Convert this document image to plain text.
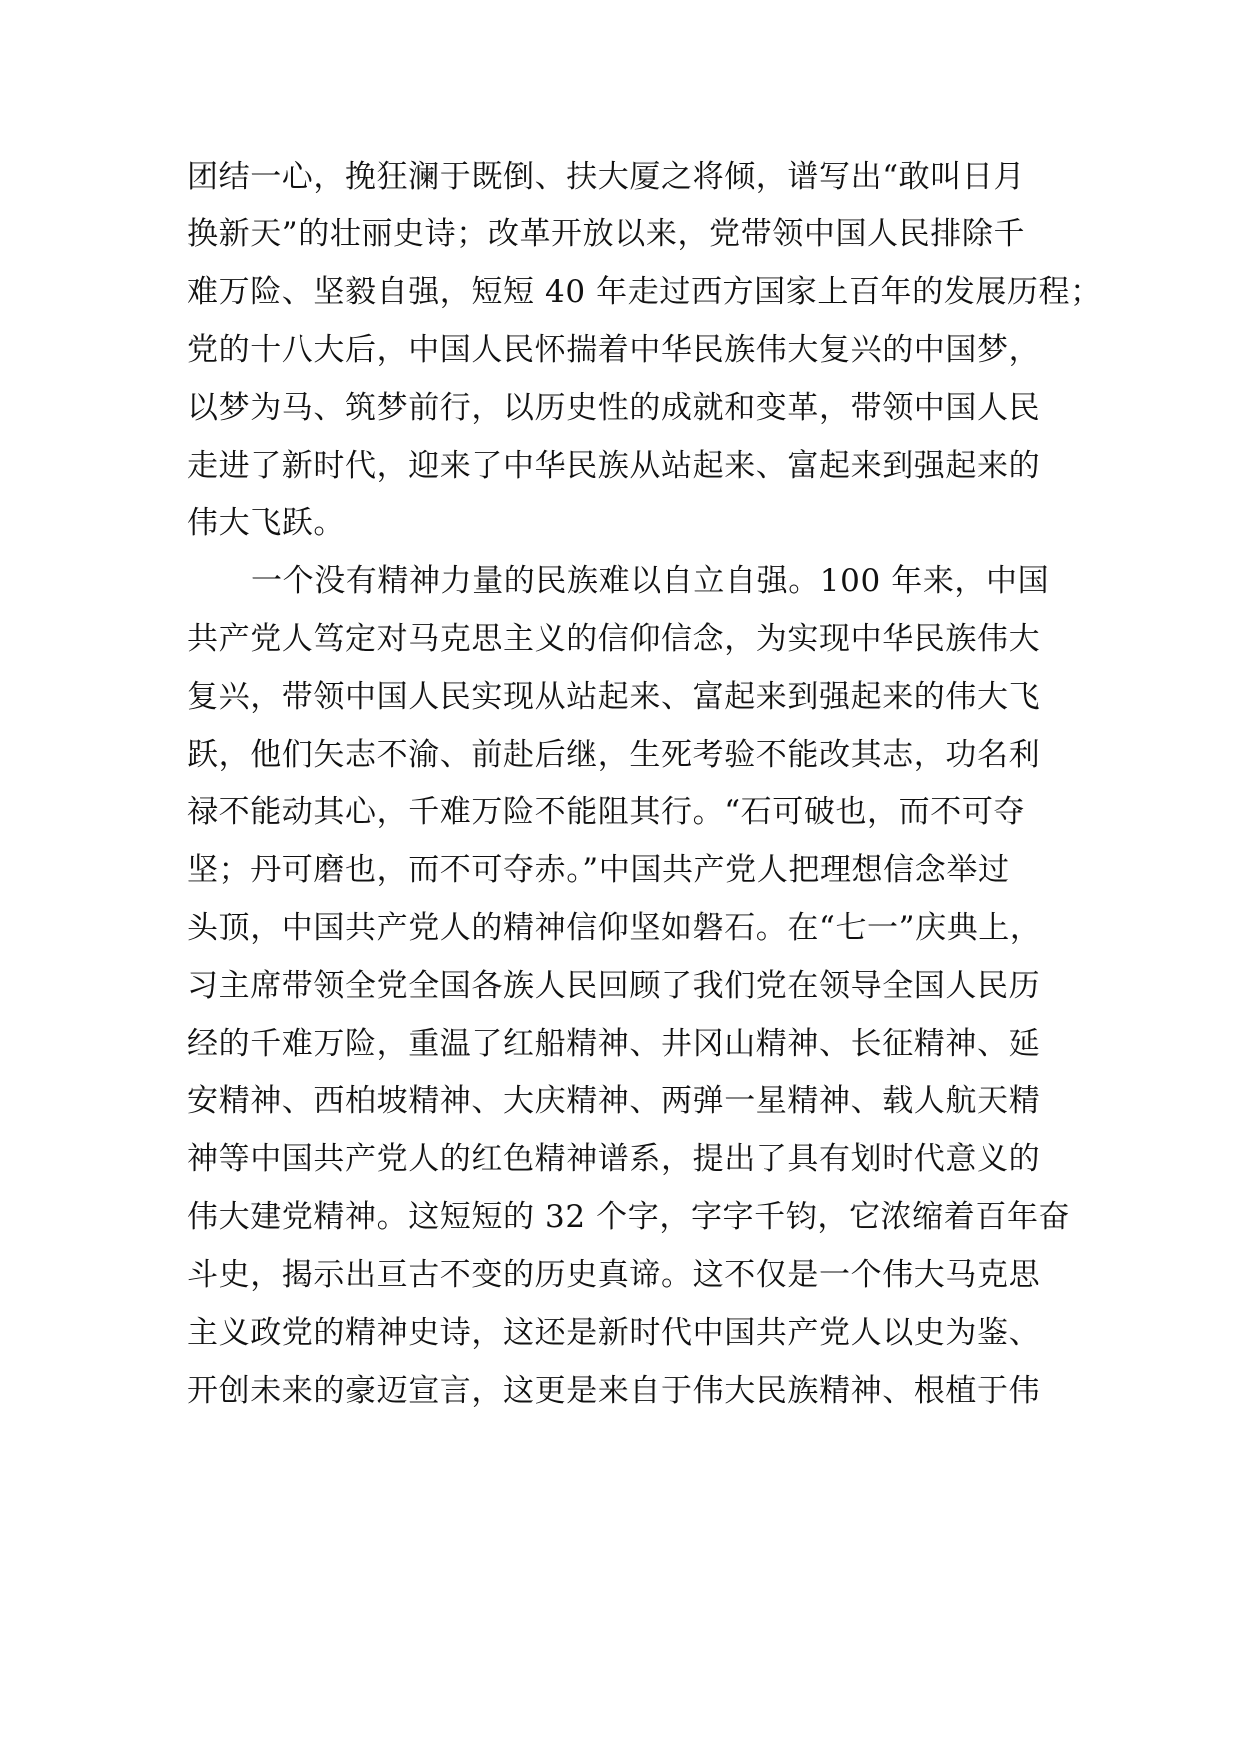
团结一心，挽狂澜于既倒、扶大厦之将倾，谱写出“敢叫日月
换新天”的壮丽史诗；改革开放以来，党带领中国人民排除千
难万险、坚毅自强，短短 40 年走过西方国家上百年的发展历程；
党的十八大后，中国人民怀揣着中华民族伟大复兴的中国梦，
以梦为马、筑梦前行，以历史性的成就和变革，带领中国人民
走进了新时代，迎来了中华民族从站起来、富起来到强起来的
伟大飞跃。
一个没有精神力量的民族难以自立自强。100 年来，中国
共产党人笃定对马克思主义的信仰信念，为实现中华民族伟大
复兴，带领中国人民实现从站起来、富起来到强起来的伟大飞
跃，他们矢志不渝、前赴后继，生死考验不能改其志，功名利
禄不能动其心，千难万险不能阻其行。“石可破也，而不可夺
坚；丹可磨也，而不可夺赤。”中国共产党人把理想信念举过
头顶，中国共产党人的精神信仰坚如磐石。在“七一”庆典上，
习主席带领全党全国各族人民回顾了我们党在领导全国人民历
经的千难万险，重温了红船精神、井冈山精神、长征精神、延
安精神、西柏坡精神、大庆精神、两弹一星精神、载人航天精
神等中国共产党人的红色精神谱系，提出了具有划时代意义的
伟大建党精神。这短短的 32 个字，字字千钧，它浓缩着百年奋
斗史，揭示出亘古不变的历史真谛。这不仅是一个伟大马克思
主义政党的精神史诗，这还是新时代中国共产党人以史为鉴、
开创未来的豪迈宣言，这更是来自于伟大民族精神、根植于伟
